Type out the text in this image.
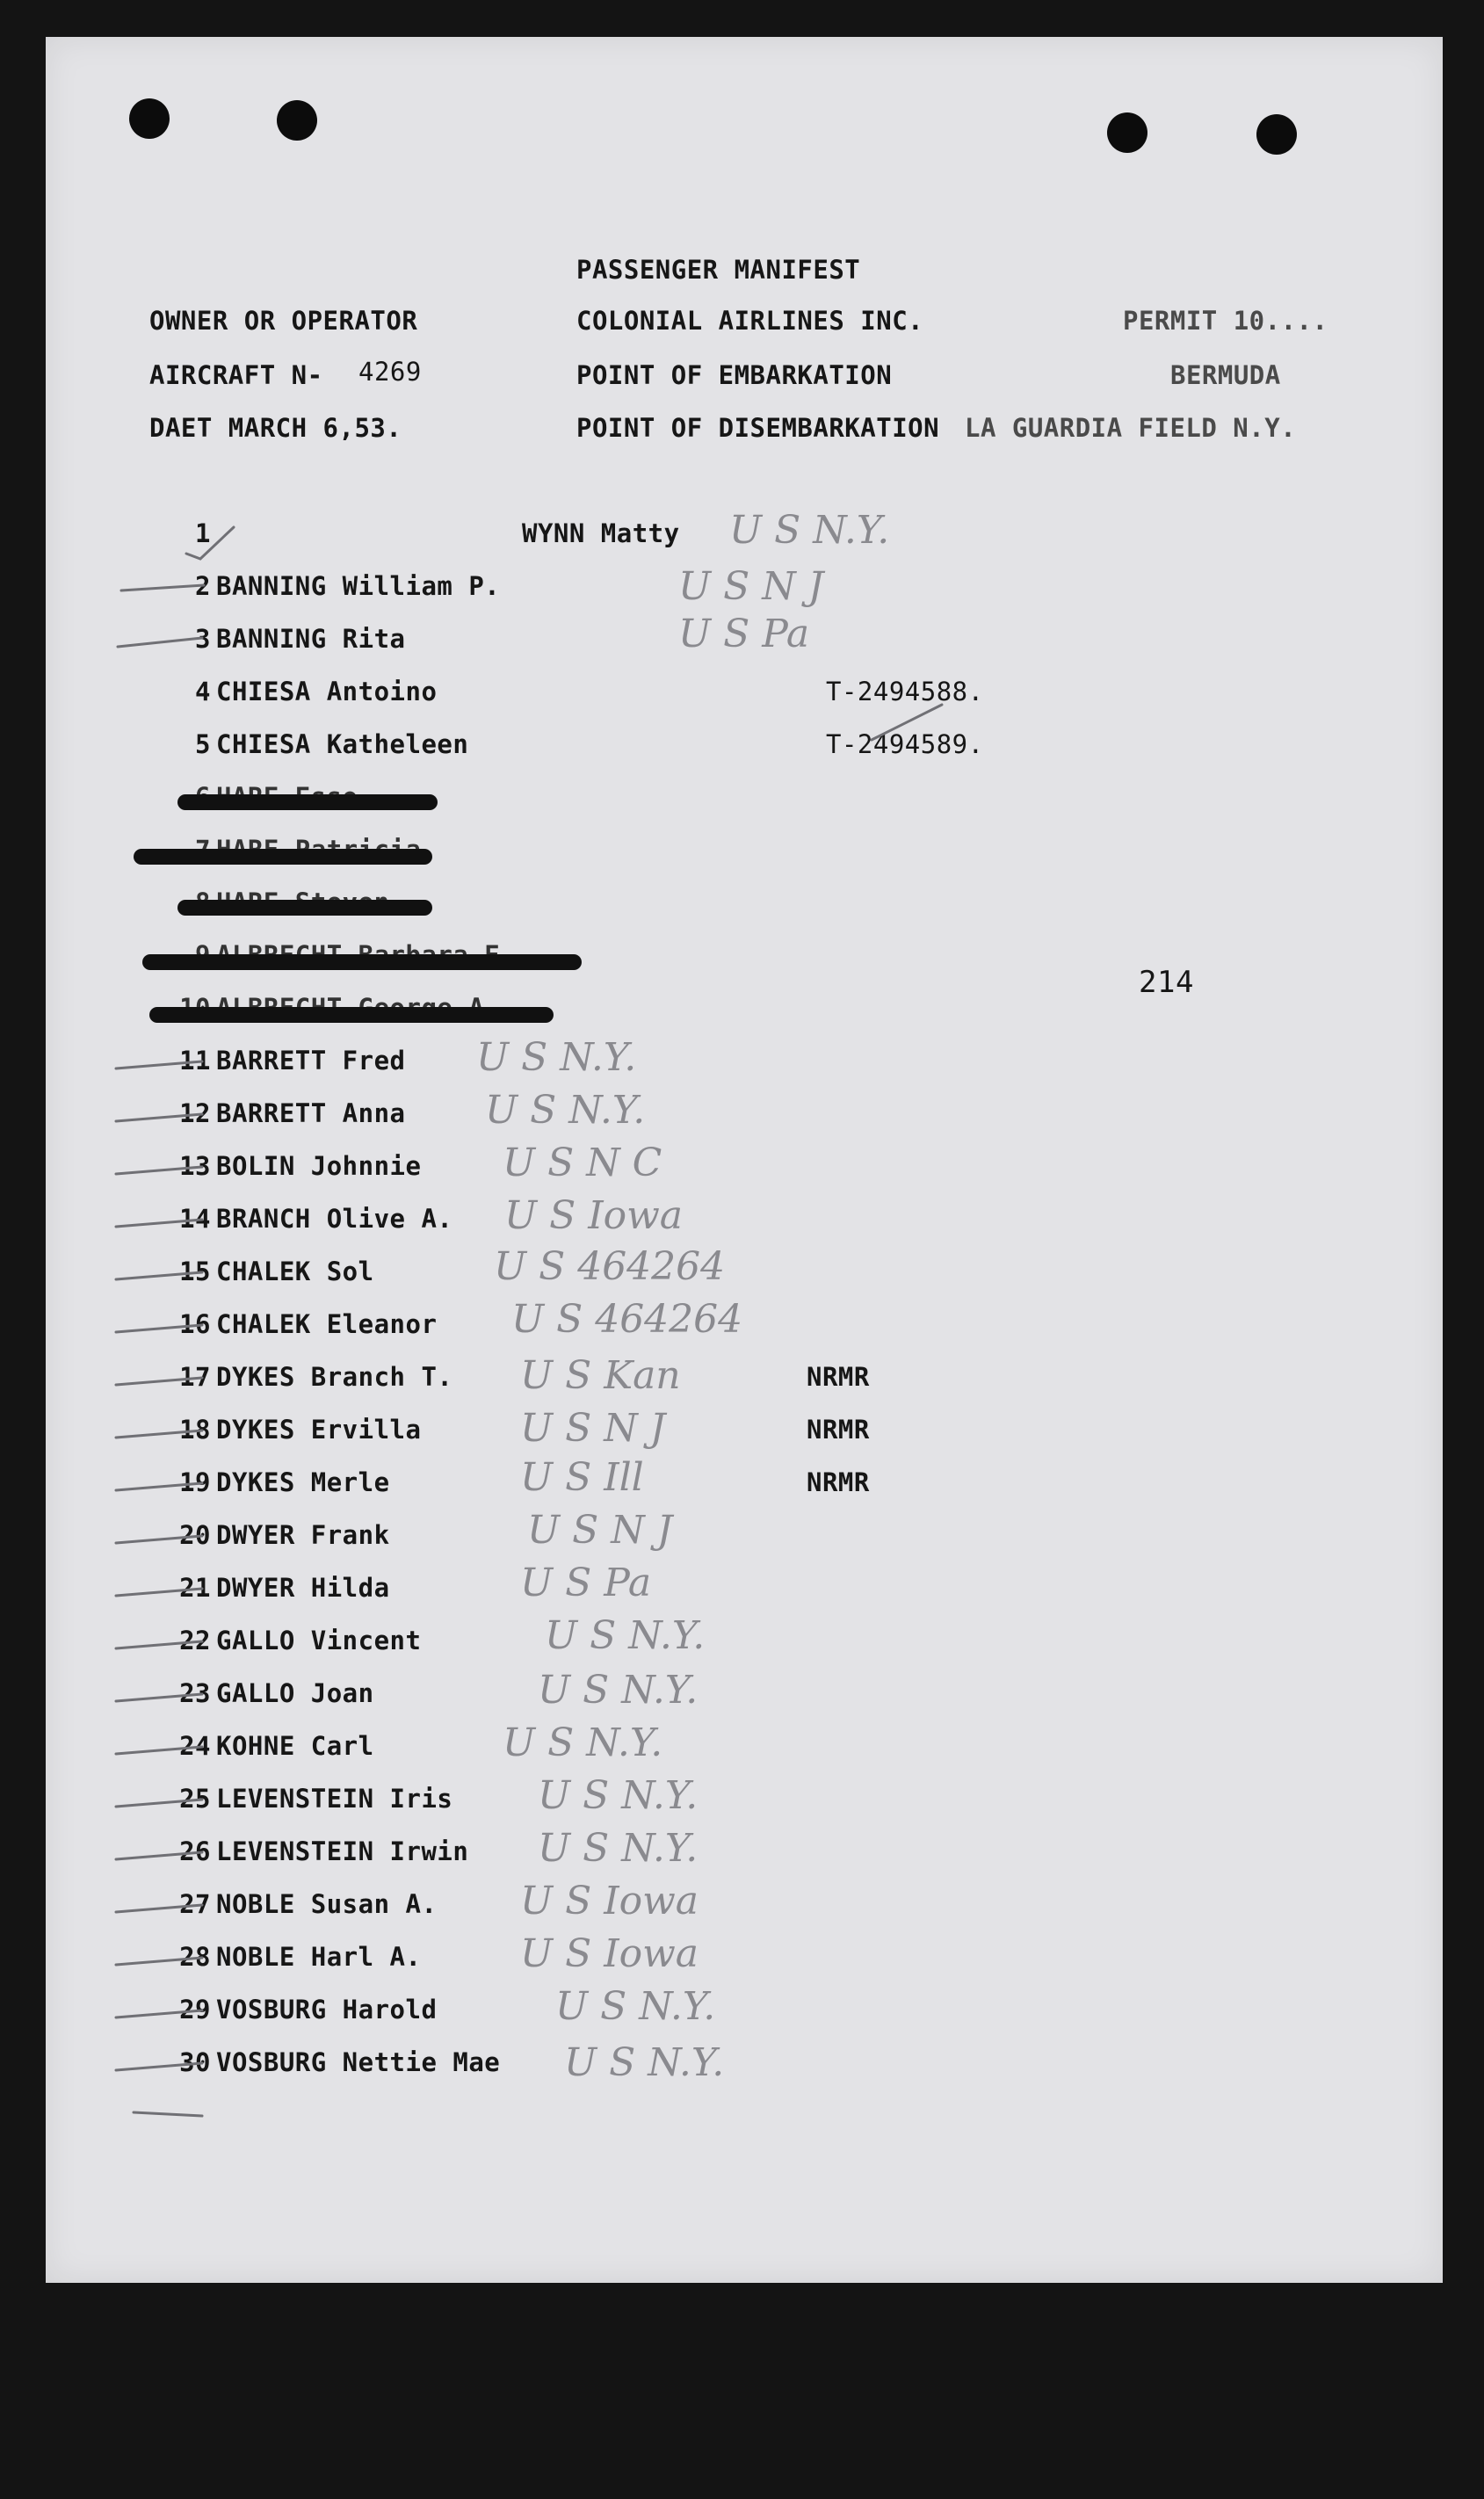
PASSENGER MANIFEST
OWNER OR OPERATOR	COLONIAL AIRLINES INC.	PERMIT 10....
AIRCRAFT N- 4269	POINT OF EMBARKATION	BERMUDA
DAET MARCH 6,53.	POINT OF DISEMBARKATION LA GUARDIA FIELD N.Y.
214
1	WYNN Matty U S N.Y.
2 BANNING William P.	U S N J
3 BANNING Rita	U S Pa
4 CHIESA Antoino	T-2494588.
5 CHIESA Katheleen	T-2494589.
11 BARRETT Fred U S N.Y.
12 BARRETT Anna U S N.Y.
13 BOLIN Johnnie U S N C
14 BRANCH Olive A. U S Iowa
15 CHALEK Sol	U S 464264
16 CHALEK Eleanor U S 464264
17 DYKES Branch T. U S Kan	NRMR
18 DYKES Ervilla	U S N J	NRMR
19 DYKES Merle	U S Ill	NRMR
20 DWYER Frank	U S N J
21 DWYER Hilda	U S Pa
22 GALLO Vincent	U S N.Y.
23 GALLO Joan	U S N.Y.
24 KOHNE Carl	U S N.Y.
25 LEVENSTEIN Iris U S N.Y.
26 LEVENSTEIN Irwin U S N.Y.
27 NOBLE Susan A. U S Iowa
28 NOBLE Harl A.	U S Iowa
29 VOSBURG Harold	U S N.Y.
30 VOSBURG Nettie Mae U S N.Y.
